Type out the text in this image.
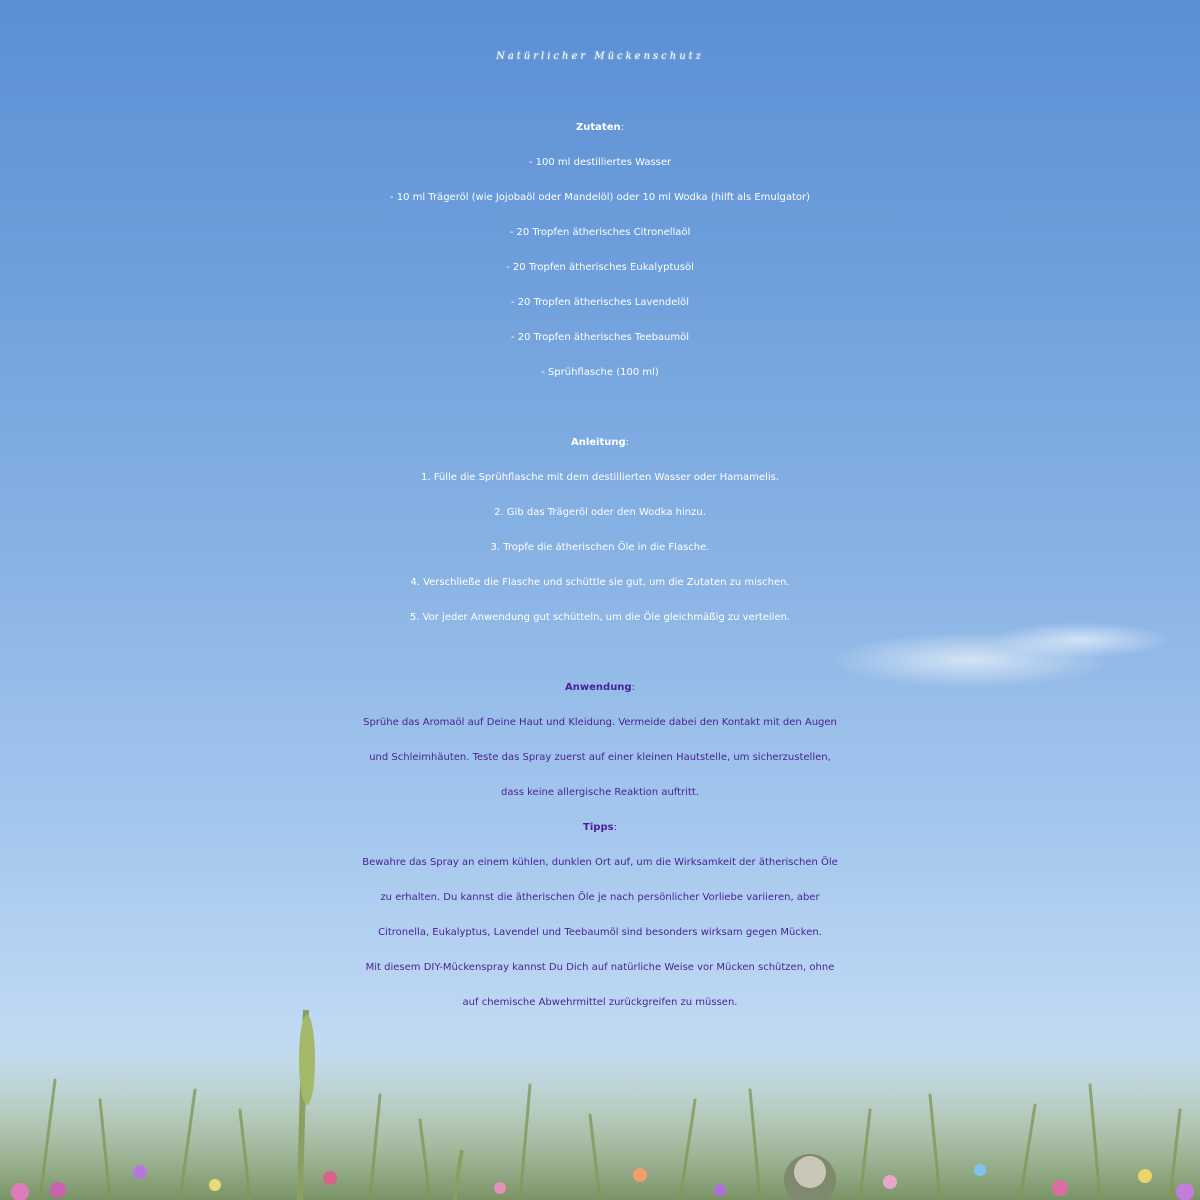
Natürlicher Mückenschutz
Zutaten:
- 100 ml destilliertes Wasser
- 10 ml Trägeröl (wie Jojobaöl oder Mandelöl) oder 10 ml Wodka (hilft als Emulgator)
- 20 Tropfen ätherisches Citronellaöl
- 20 Tropfen ätherisches Eukalyptusöl
- 20 Tropfen ätherisches Lavendelöl
- 20 Tropfen ätherisches Teebaumöl
- Sprühflasche (100 ml)
Anleitung:
1. Fülle die Sprühflasche mit dem destillierten Wasser oder Hamamelis.
2. Gib das Trägeröl oder den Wodka hinzu.
3. Tropfe die ätherischen Öle in die Flasche.
4. Verschließe die Flasche und schüttle sie gut, um die Zutaten zu mischen.
5. Vor jeder Anwendung gut schütteln, um die Öle gleichmäßig zu verteilen.
Anwendung:
Sprühe das Aromaöl auf Deine Haut und Kleidung. Vermeide dabei den Kontakt mit den Augen
und Schleimhäuten. Teste das Spray zuerst auf einer kleinen Hautstelle, um sicherzustellen,
dass keine allergische Reaktion auftritt.
Tipps:
Bewahre das Spray an einem kühlen, dunklen Ort auf, um die Wirksamkeit der ätherischen Öle
zu erhalten. Du kannst die ätherischen Öle je nach persönlicher Vorliebe variieren, aber
Citronella, Eukalyptus, Lavendel und Teebaumöl sind besonders wirksam gegen Mücken.
Mit diesem DIY-Mückenspray kannst Du Dich auf natürliche Weise vor Mücken schützen, ohne
auf chemische Abwehrmittel zurückgreifen zu müssen.
